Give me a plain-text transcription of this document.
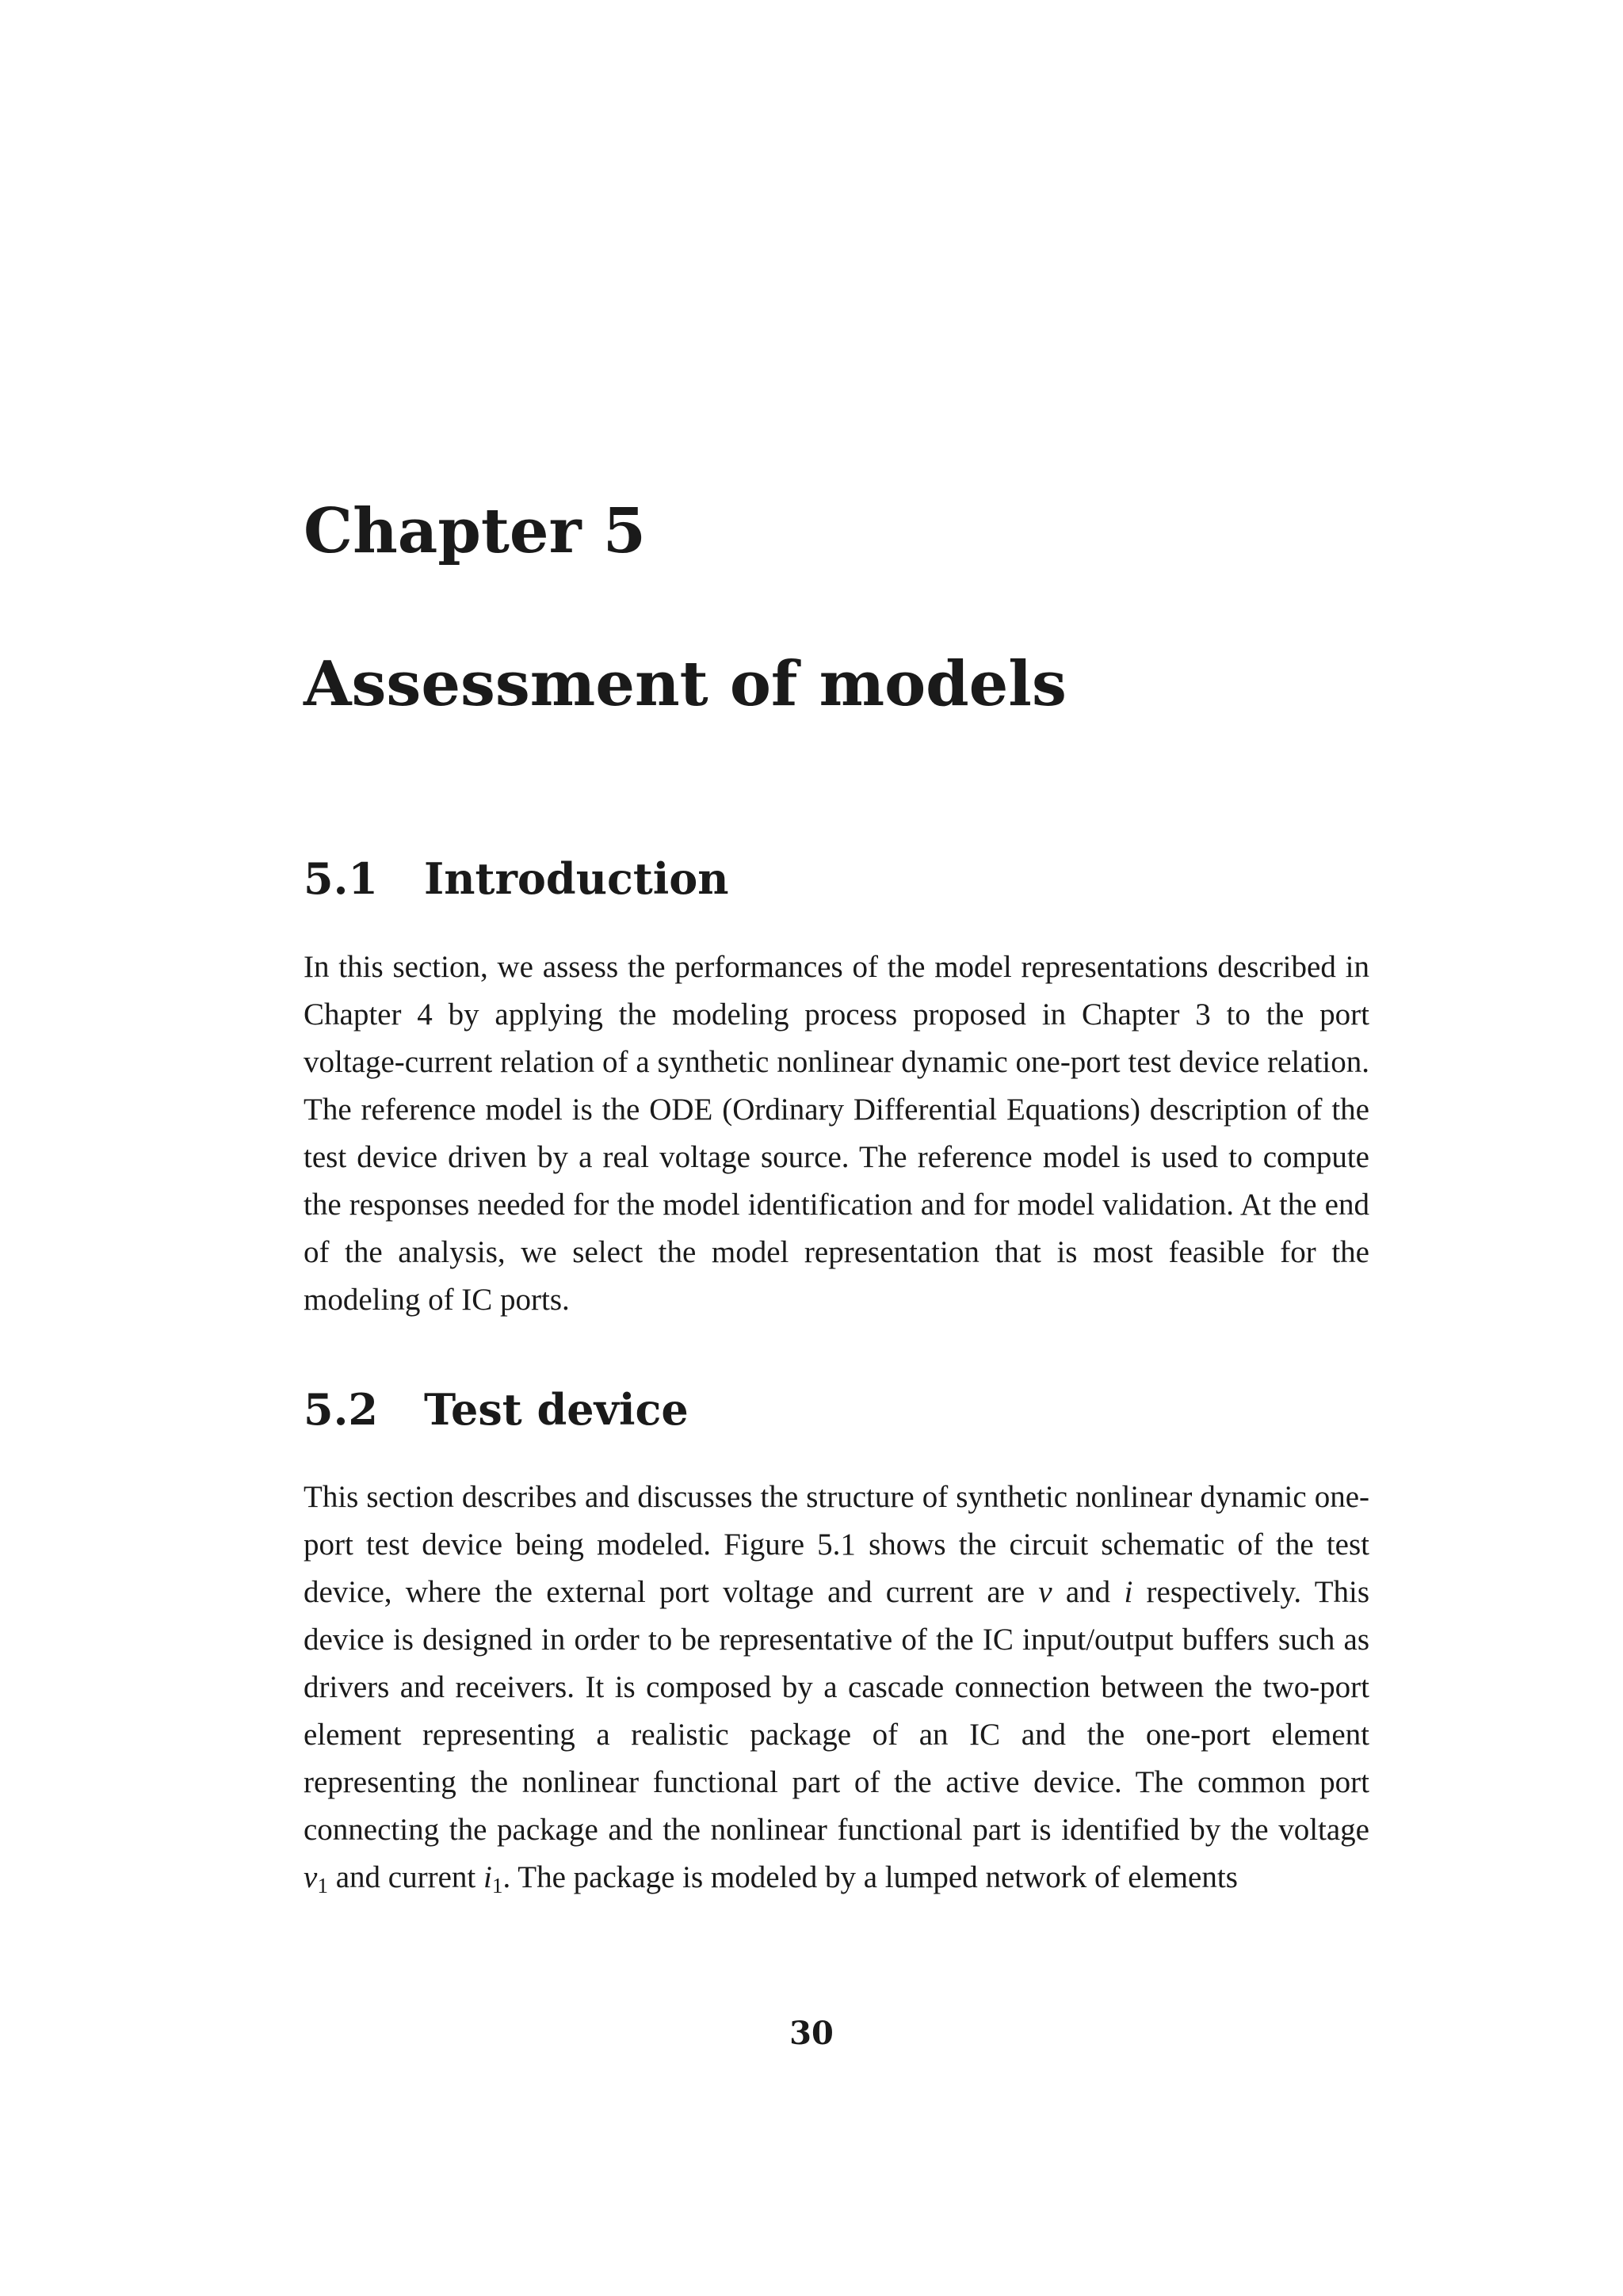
Chapter 5
Assessment of models
5.1 Introduction

In this section, we assess the performances of the model representations described in Chapter 4 by applying the modeling process proposed in Chapter 3 to the port voltage-current relation of a synthetic nonlinear dynamic one-port test device relation. The reference model is the ODE (Ordinary Differential Equations) description of the test device driven by a real voltage source. The reference model is used to compute the responses needed for the model identification and for model validation. At the end of the analysis, we select the model representation that is most feasible for the modeling of IC ports.

5.2 Test device

This section describes and discusses the structure of synthetic nonlinear dynamic one-port test device being modeled. Figure 5.1 shows the circuit schematic of the test device, where the external port voltage and current are v and i respectively. This device is designed in order to be representative of the IC input/output buffers such as drivers and receivers. It is composed by a cascade connection between the two-port element representing a realistic package of an IC and the one-port element representing the nonlinear functional part of the active device. The common port connecting the package and the nonlinear functional part is identified by the voltage $v_1$ and current $i_1$. The package is modeled by a lumped network of elements

30
